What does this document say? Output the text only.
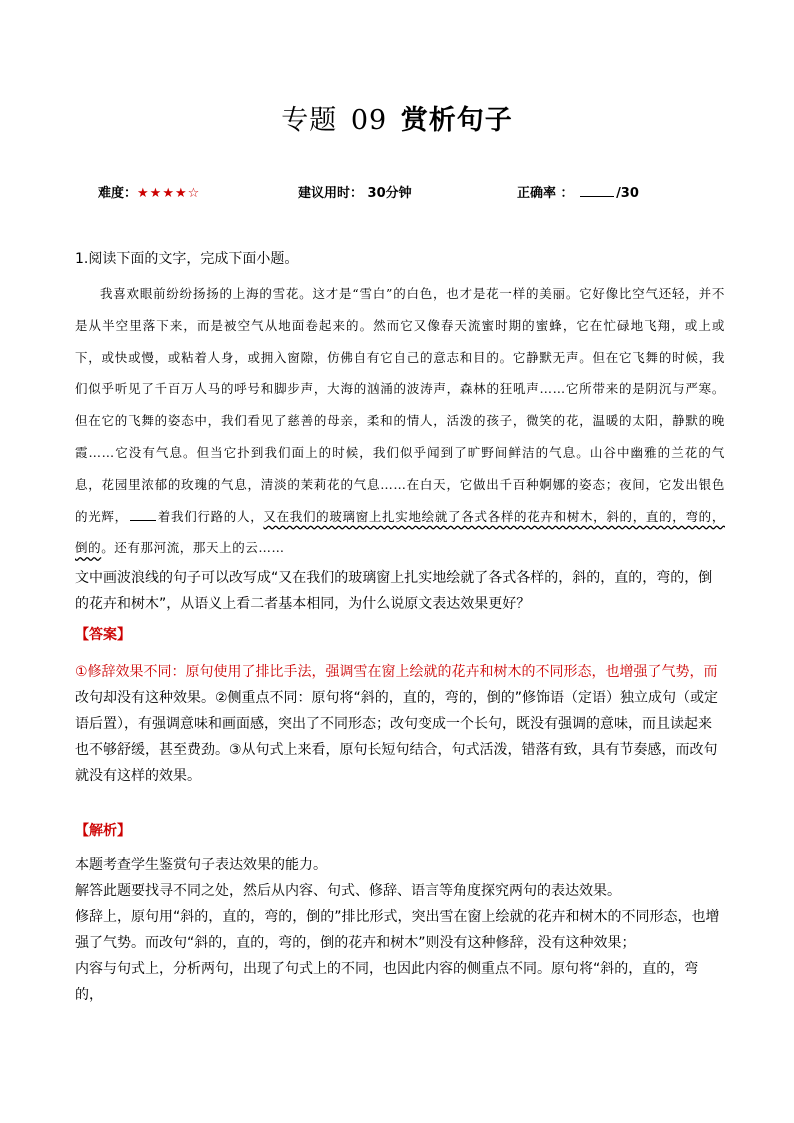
专题 09 赏析句子
难度：★★★★☆	建议用时： 30分钟	正确率 ：	/30
1.阅读下面的文字，完成下面小题。

我喜欢眼前纷纷扬扬的上海的雪花。这才是“雪白”的白色，也才是花一样的美丽。它好像比空气还轻，并不是从半空里落下来，而是被空气从地面卷起来的。然而它又像春天流蜜时期的蜜蜂，它在忙碌地飞翔，或上或下，或快或慢，或粘着人身，或拥入窗隙，仿佛自有它自己的意志和目的。它静默无声。但在它飞舞的时候，我们似乎听见了千百万人马的呼号和脚步声，大海的汹涌的波涛声，森林的狂吼声……它所带来的是阴沉与严寒。但在它的飞舞的姿态中，我们看见了慈善的母亲，柔和的情人，活泼的孩子，微笑的花，温暖的太阳，静默的晚霞……它没有气息。但当它扑到我们面上的时候，我们似乎闻到了旷野间鲜洁的气息。山谷中幽雅的兰花的气息，花园里浓郁的玫瑰的气息，清淡的茉莉花的气息……在白天，它做出千百种婀娜的姿态；夜间，它发出银色的光辉， 着我们行路的人，又在我们的玻璃窗上扎实地绘就了各式各样的花卉和树木，斜的，直的，弯的，倒的。还有那河流，那天上的云……

文中画波浪线的句子可以改写成“又在我们的玻璃窗上扎实地绘就了各式各样的，斜的，直的，弯的，倒的花卉和树木”，从语义上看二者基本相同，为什么说原文表达效果更好？

【答案】

①修辞效果不同：原句使用了排比手法，强调雪在窗上绘就的花卉和树木的不同形态，也增强了气势，而改句却没有这种效果。②侧重点不同：原句将“斜的，直的，弯的，倒的”修饰语（定语）独立成句（或定语后置），有强调意味和画面感，突出了不同形态；改句变成一个长句，既没有强调的意味，而且读起来也不够舒缓，甚至费劲。③从句式上来看，原句长短句结合，句式活泼，错落有致，具有节奏感，而改句就没有这样的效果。

【解析】

本题考查学生鉴赏句子表达效果的能力。

解答此题要找寻不同之处，然后从内容、句式、修辞、语言等角度探究两句的表达效果。

修辞上，原句用“斜的，直的，弯的，倒的”排比形式，突出雪在窗上绘就的花卉和树木的不同形态，也增强了气势。而改句“斜的，直的，弯的，倒的花卉和树木”则没有这种修辞，没有这种效果；

内容与句式上，分析两句，出现了句式上的不同，也因此内容的侧重点不同。原句将“斜的，直的，弯的，
